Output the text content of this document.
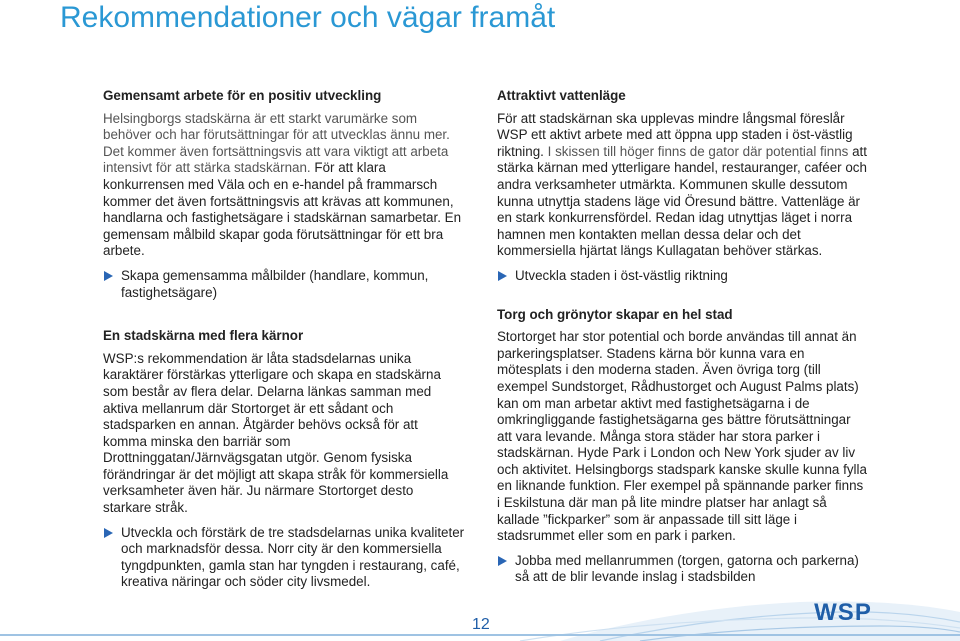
Rekommendationer och vägar framåt

Gemensamt arbete för en positiv utveckling

Helsingborgs stadskärna är ett starkt varumärke som behöver och har förutsättningar för att utvecklas ännu mer. Det kommer även fortsättningsvis att vara viktigt att arbeta intensivt för att stärka stadskärnan. För att klara konkurrensen med Väla och en e-handel på frammarsch kommer det även fortsättningsvis att krävas att kommunen, handlarna och fastighetsägare i stadskärnan samarbetar. En gemensam målbild skapar goda förutsättningar för ett bra arbete.

Skapa gemensamma målbilder (handlare, kommun, fastighetsägare)

En stadskärna med flera kärnor

WSP:s rekommendation är låta stadsdelarnas unika karaktärer förstärkas ytterligare och skapa en stadskärna som består av flera delar. Delarna länkas samman med aktiva mellanrum där Stortorget är ett sådant och stadsparken en annan. Åtgärder behövs också för att komma minska den barriär som Drottninggatan/Järnvägsgatan utgör. Genom fysiska förändringar är det möjligt att skapa stråk för kommersiella verksamheter även här. Ju närmare Stortorget desto starkare stråk.

Utveckla och förstärk de tre stadsdelarnas unika kvaliteter och marknadsför dessa. Norr city är den kommersiella tyngdpunkten, gamla stan har tyngden i restaurang, café, kreativa näringar och söder city livsmedel.

Attraktivt vattenläge

För att stadskärnan ska upplevas mindre långsmal föreslår WSP ett aktivt arbete med att öppna upp staden i öst-västlig riktning. I skissen till höger finns de gator där potential finns att stärka kärnan med ytterligare handel, restauranger, caféer och andra verksamheter utmärkta. Kommunen skulle dessutom kunna utnyttja stadens läge vid Öresund bättre. Vattenläge är en stark konkurrensfördel. Redan idag utnyttjas läget i norra hamnen men kontakten mellan dessa delar och det kommersiella hjärtat längs Kullagatan behöver stärkas.

Utveckla staden i öst-västlig riktning

Torg och grönytor skapar en hel stad

Stortorget har stor potential och borde användas till annat än parkeringsplatser. Stadens kärna bör kunna vara en mötesplats i den moderna staden. Även övriga torg (till exempel Sundstorget, Rådhustorget och August Palms plats) kan om man arbetar aktivt med fastighetsägarna i de omkringliggande fastighetsägarna ges bättre förutsättningar att vara levande. Många stora städer har stora parker i stadskärnan. Hyde Park i London och New York sjuder av liv och aktivitet. Helsingborgs stadspark kanske skulle kunna fylla en liknande funktion. Fler exempel på spännande parker finns i Eskilstuna där man på lite mindre platser har anlagt så kallade ”fickparker” som är anpassade till sitt läge i stadsrummet eller som en park i parken.

Jobba med mellanrummen (torgen, gatorna och parkerna) så att de blir levande inslag i stadsbilden
12	WSP
